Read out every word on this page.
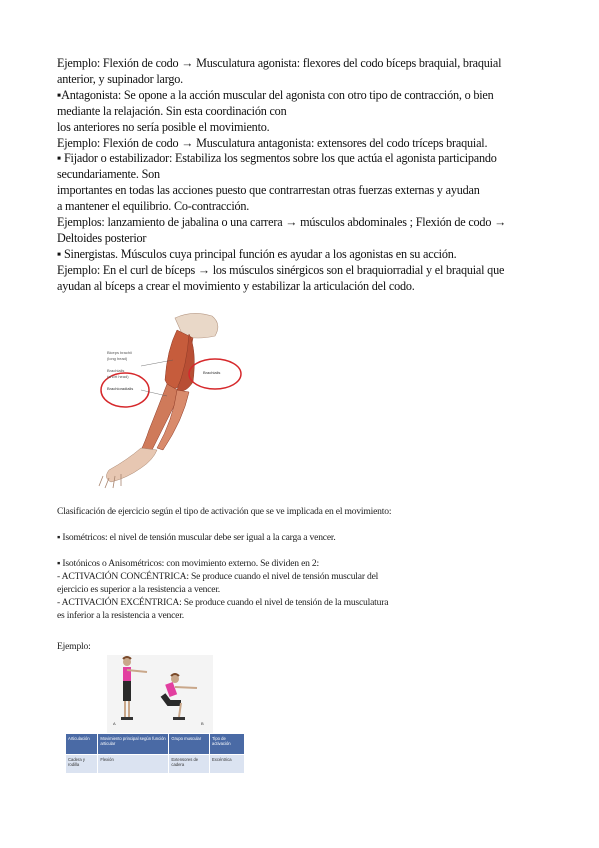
Ejemplo: Flexión de codo → Musculatura agonista: flexores del codo bíceps braquial, braquial

anterior, y supinador largo.

▪Antagonista: Se opone a la acción muscular del agonista con otro tipo de contracción, o bien

mediante la relajación. Sin esta coordinación con

los anteriores no sería posible el movimiento.

Ejemplo: Flexión de codo → Musculatura antagonista: extensores del codo tríceps braquial.

▪ Fijador o estabilizador: Estabiliza los segmentos sobre los que actúa el agonista participando

secundariamente. Son

importantes en todas las acciones puesto que contrarrestan otras fuerzas externas y ayudan

a mantener el equilibrio. Co-contracción.

Ejemplos: lanzamiento de jabalina o una carrera → músculos abdominales ; Flexión de codo →

Deltoides posterior

▪ Sinergistas. Músculos cuya principal función es ayudar a los agonistas en su acción.

Ejemplo: En el curl de bíceps → los músculos sinérgicos son el braquiorradial y el braquial que

ayudan al bíceps a crear el movimiento y estabilizar la articulación del codo.

Biceps brachii
(long head)
Brachialis
(short head)
Brachioradialis
Brachialis

Clasificación de ejercicio según el tipo de activación que se ve implicada en el movimiento:

▪ Isométricos: el nivel de tensión muscular debe ser igual a la carga a vencer.

▪ Isotónicos o Anisométricos: con movimiento externo. Se dividen en 2:

- ACTIVACIÓN CONCÉNTRICA: Se produce cuando el nivel de tensión muscular del

ejercicio es superior a la resistencia a vencer.

- ACTIVACIÓN EXCÉNTRICA: Se produce cuando el nivel de tensión de la musculatura

es inferior a la resistencia a vencer.

Ejemplo:
A	B
Articulación	Movimiento principal según función articular	Grupo muscular	Tipo de activación
Cadera y rodilla	Flexión	Extensores de cadera	Excéntrica
